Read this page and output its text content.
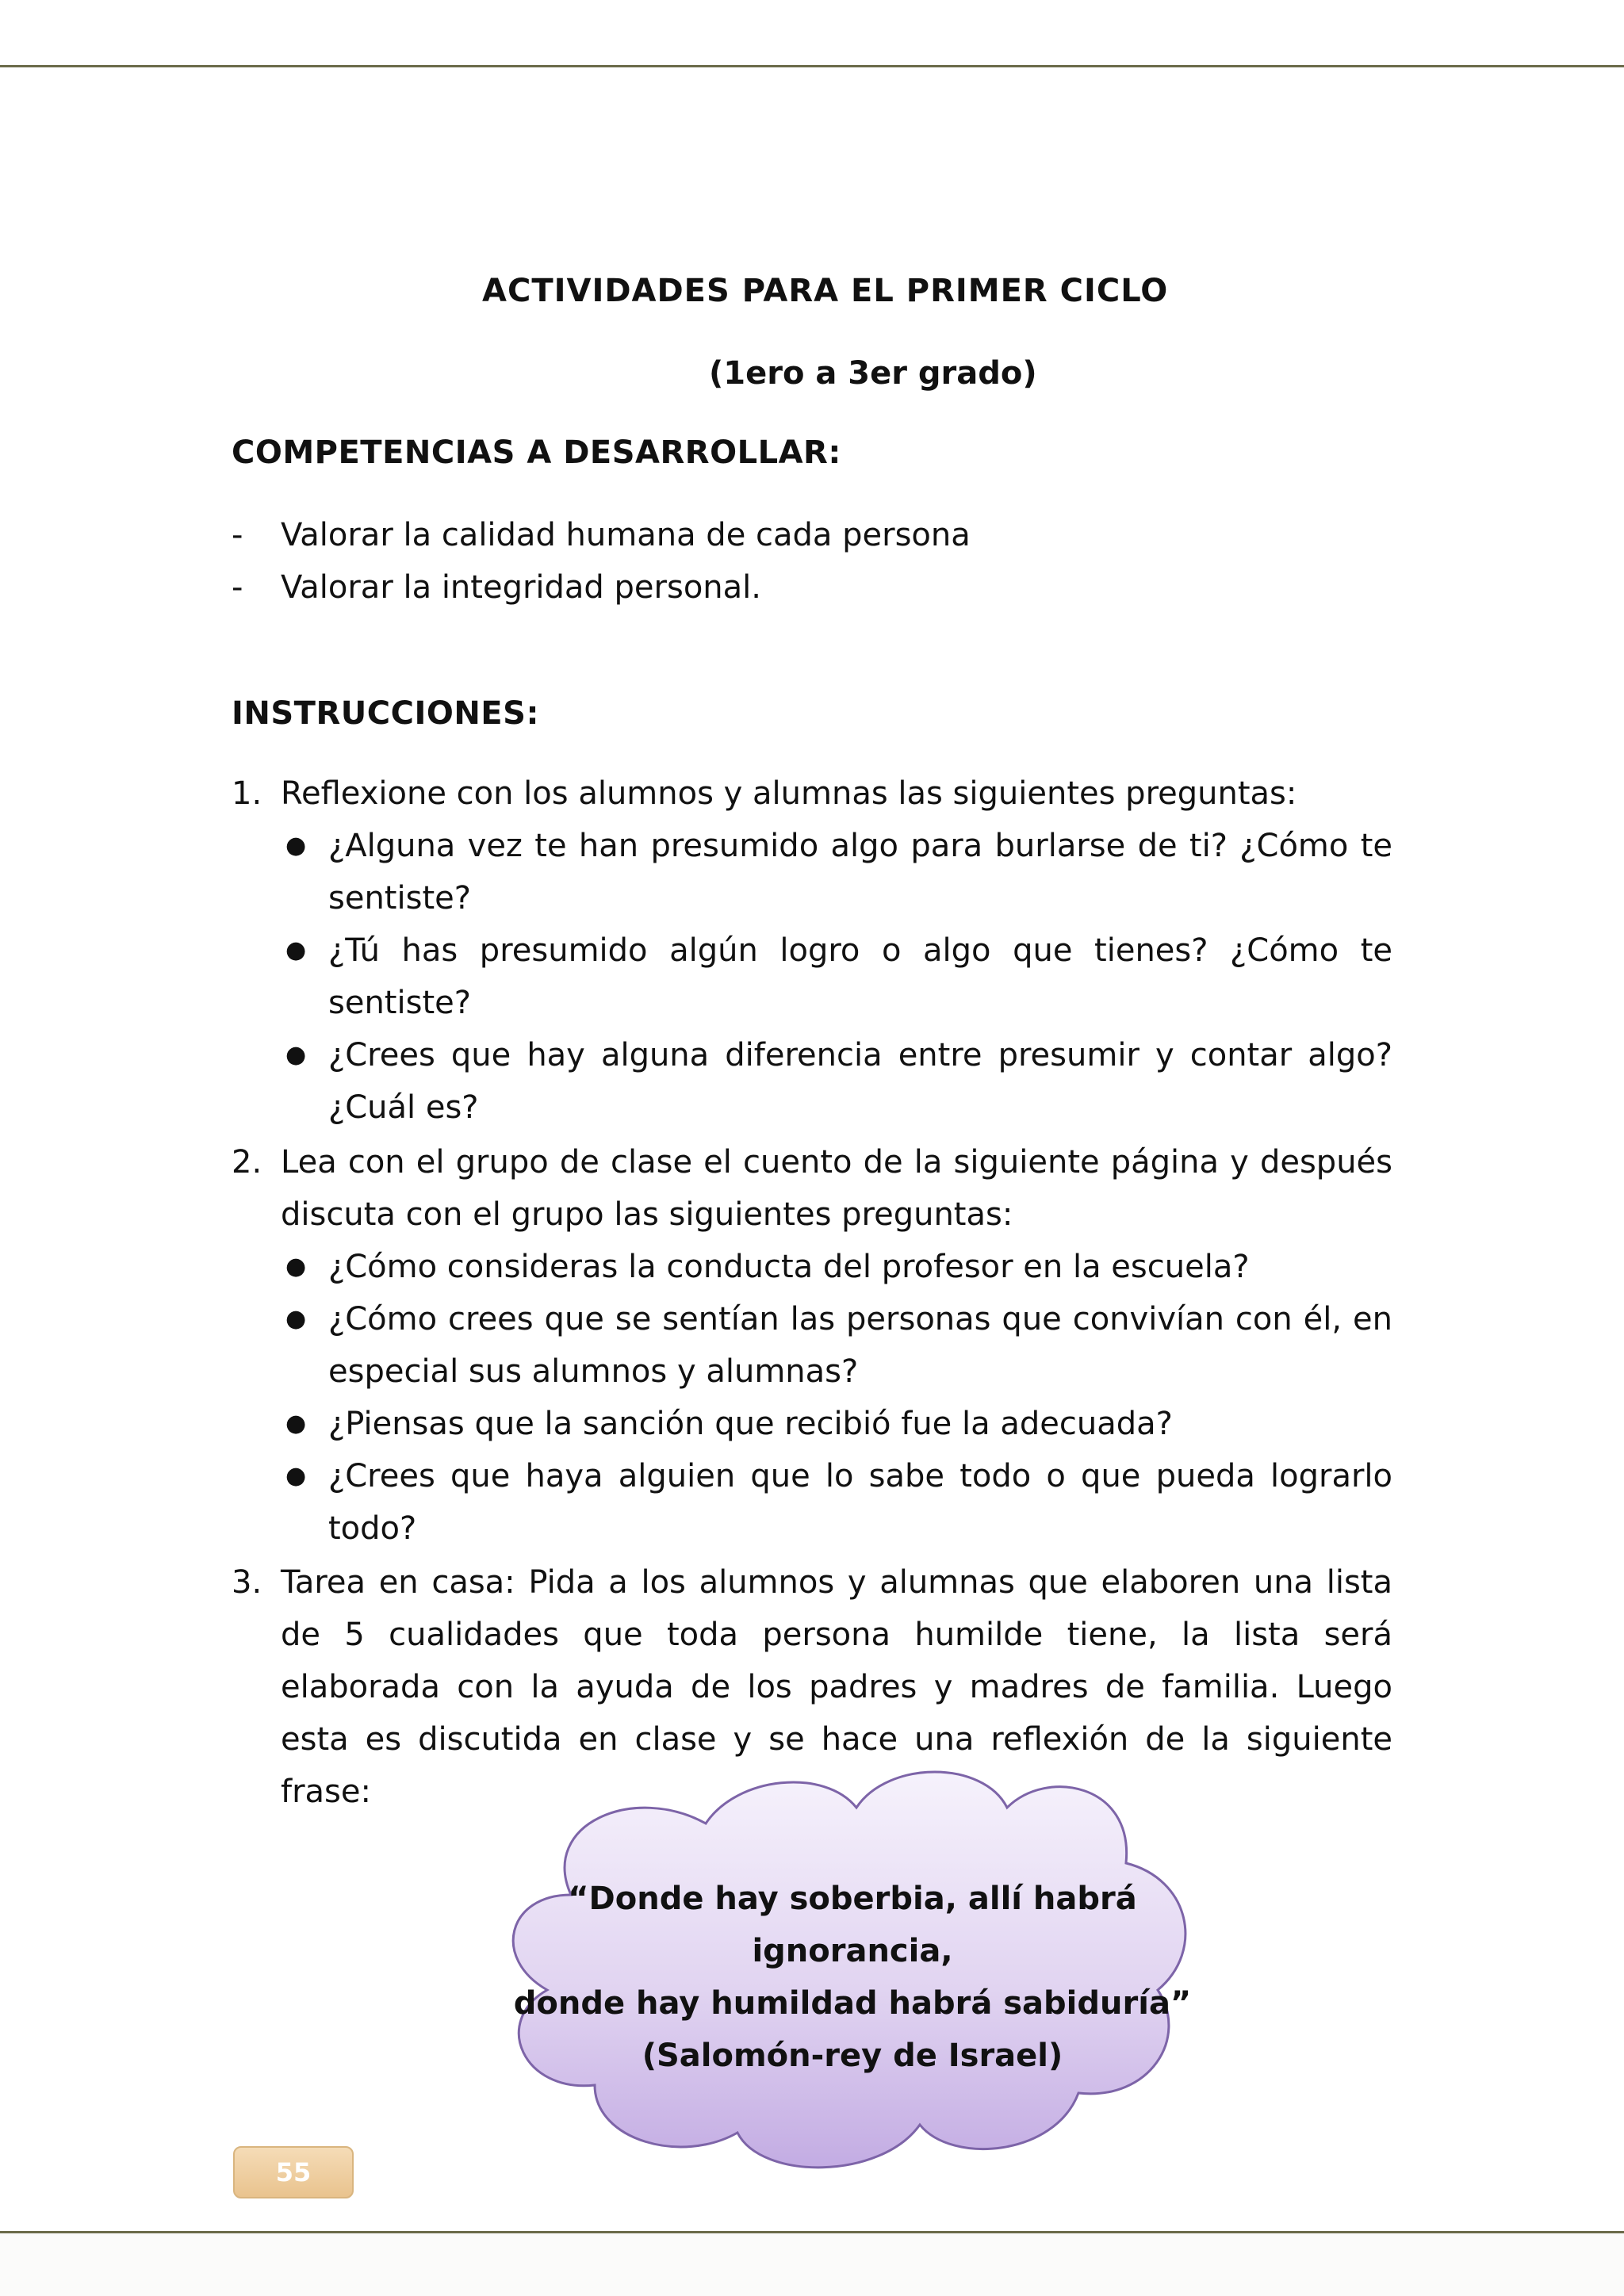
ACTIVIDADES PARA EL PRIMER CICLO
(1ero a 3er grado)
COMPETENCIAS A DESARROLLAR:
- Valorar la calidad humana de cada persona
- Valorar la integridad personal.
INSTRUCCIONES:
1. Reflexione con los alumnos y alumnas las siguientes preguntas:
● ¿Alguna vez te han presumido algo para burlarse de ti? ¿Cómo te sentiste?
● ¿Tú has presumido algún logro o algo que tienes? ¿Cómo te sentiste?
● ¿Crees que hay alguna diferencia entre presumir y contar algo? ¿Cuál es?
2. Lea con el grupo de clase el cuento de la siguiente página y después discuta con el grupo las siguientes preguntas:
● ¿Cómo consideras la conducta del profesor en la escuela?
● ¿Cómo crees que se sentían las personas que convivían con él, en especial sus alumnos y alumnas?
● ¿Piensas que la sanción que recibió fue la adecuada?
● ¿Crees que haya alguien que lo sabe todo o que pueda lograrlo todo?
3. Tarea en casa: Pida a los alumnos y alumnas que elaboren una lista de 5 cualidades que toda persona humilde tiene, la lista será elaborada con la ayuda de los padres y madres de familia. Luego esta es discutida en clase y se hace una reflexión de la siguiente frase:
“Donde hay soberbia, allí habrá ignorancia,
donde hay humildad habrá sabiduría”
(Salomón-rey de Israel)
55
